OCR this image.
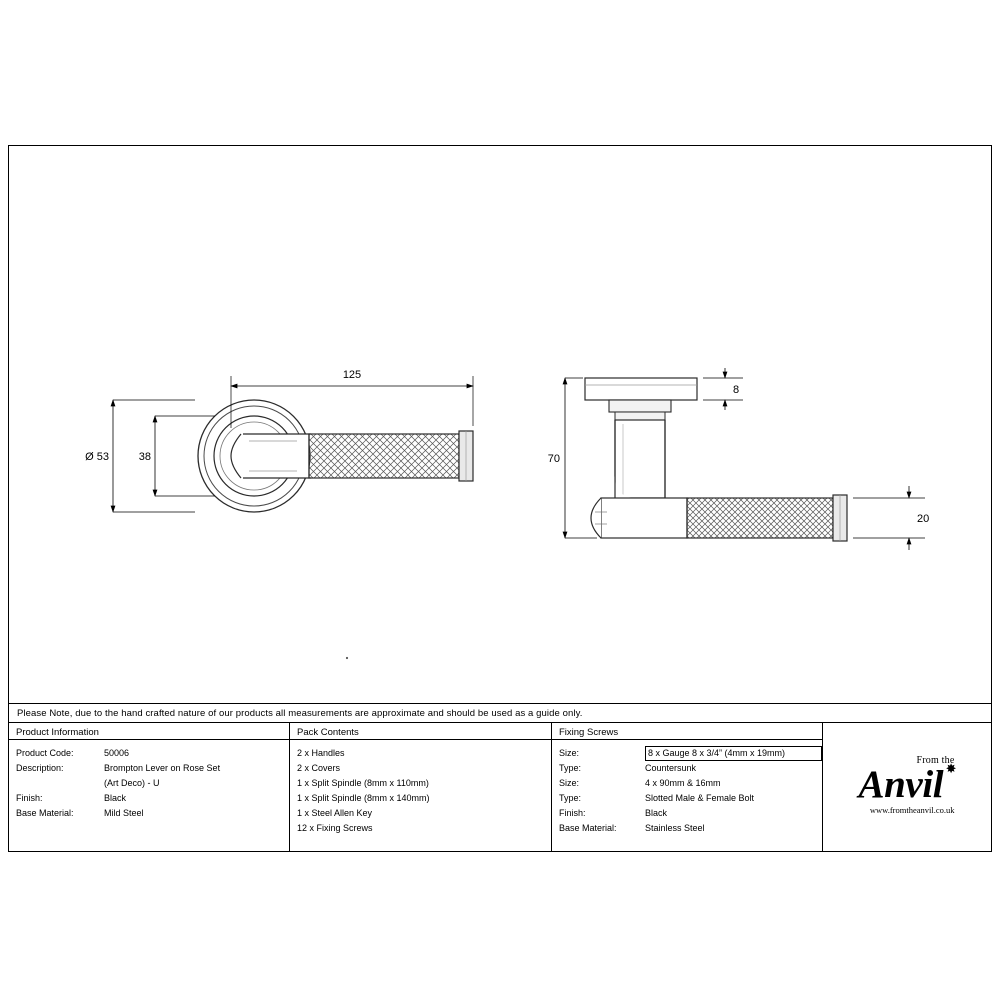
125
Ø 53	38
8
70
20
Please Note, due to the hand crafted nature of our products all measurements are approximate and should be used as a guide only.
Product Information
Product Code:	50006
Description:	Brompton Lever on Rose Set
(Art Deco) - U
Finish:	Black
Base Material:	Mild Steel
Pack Contents
2 x Handles
2 x Covers
1 x Split Spindle (8mm x 110mm)
1 x Split Spindle (8mm x 140mm)
1 x Steel Allen Key
12 x Fixing Screws
Fixing Screws
Size:	8 x Gauge 8 x 3/4” (4mm x 19mm)
Type:	Countersunk
Size:	4 x 90mm & 16mm
Type:	Slotted Male & Female Bolt
Finish:	Black
Base Material:	Stainless Steel
From the
Anvil ✸
www.fromtheanvil.co.uk
